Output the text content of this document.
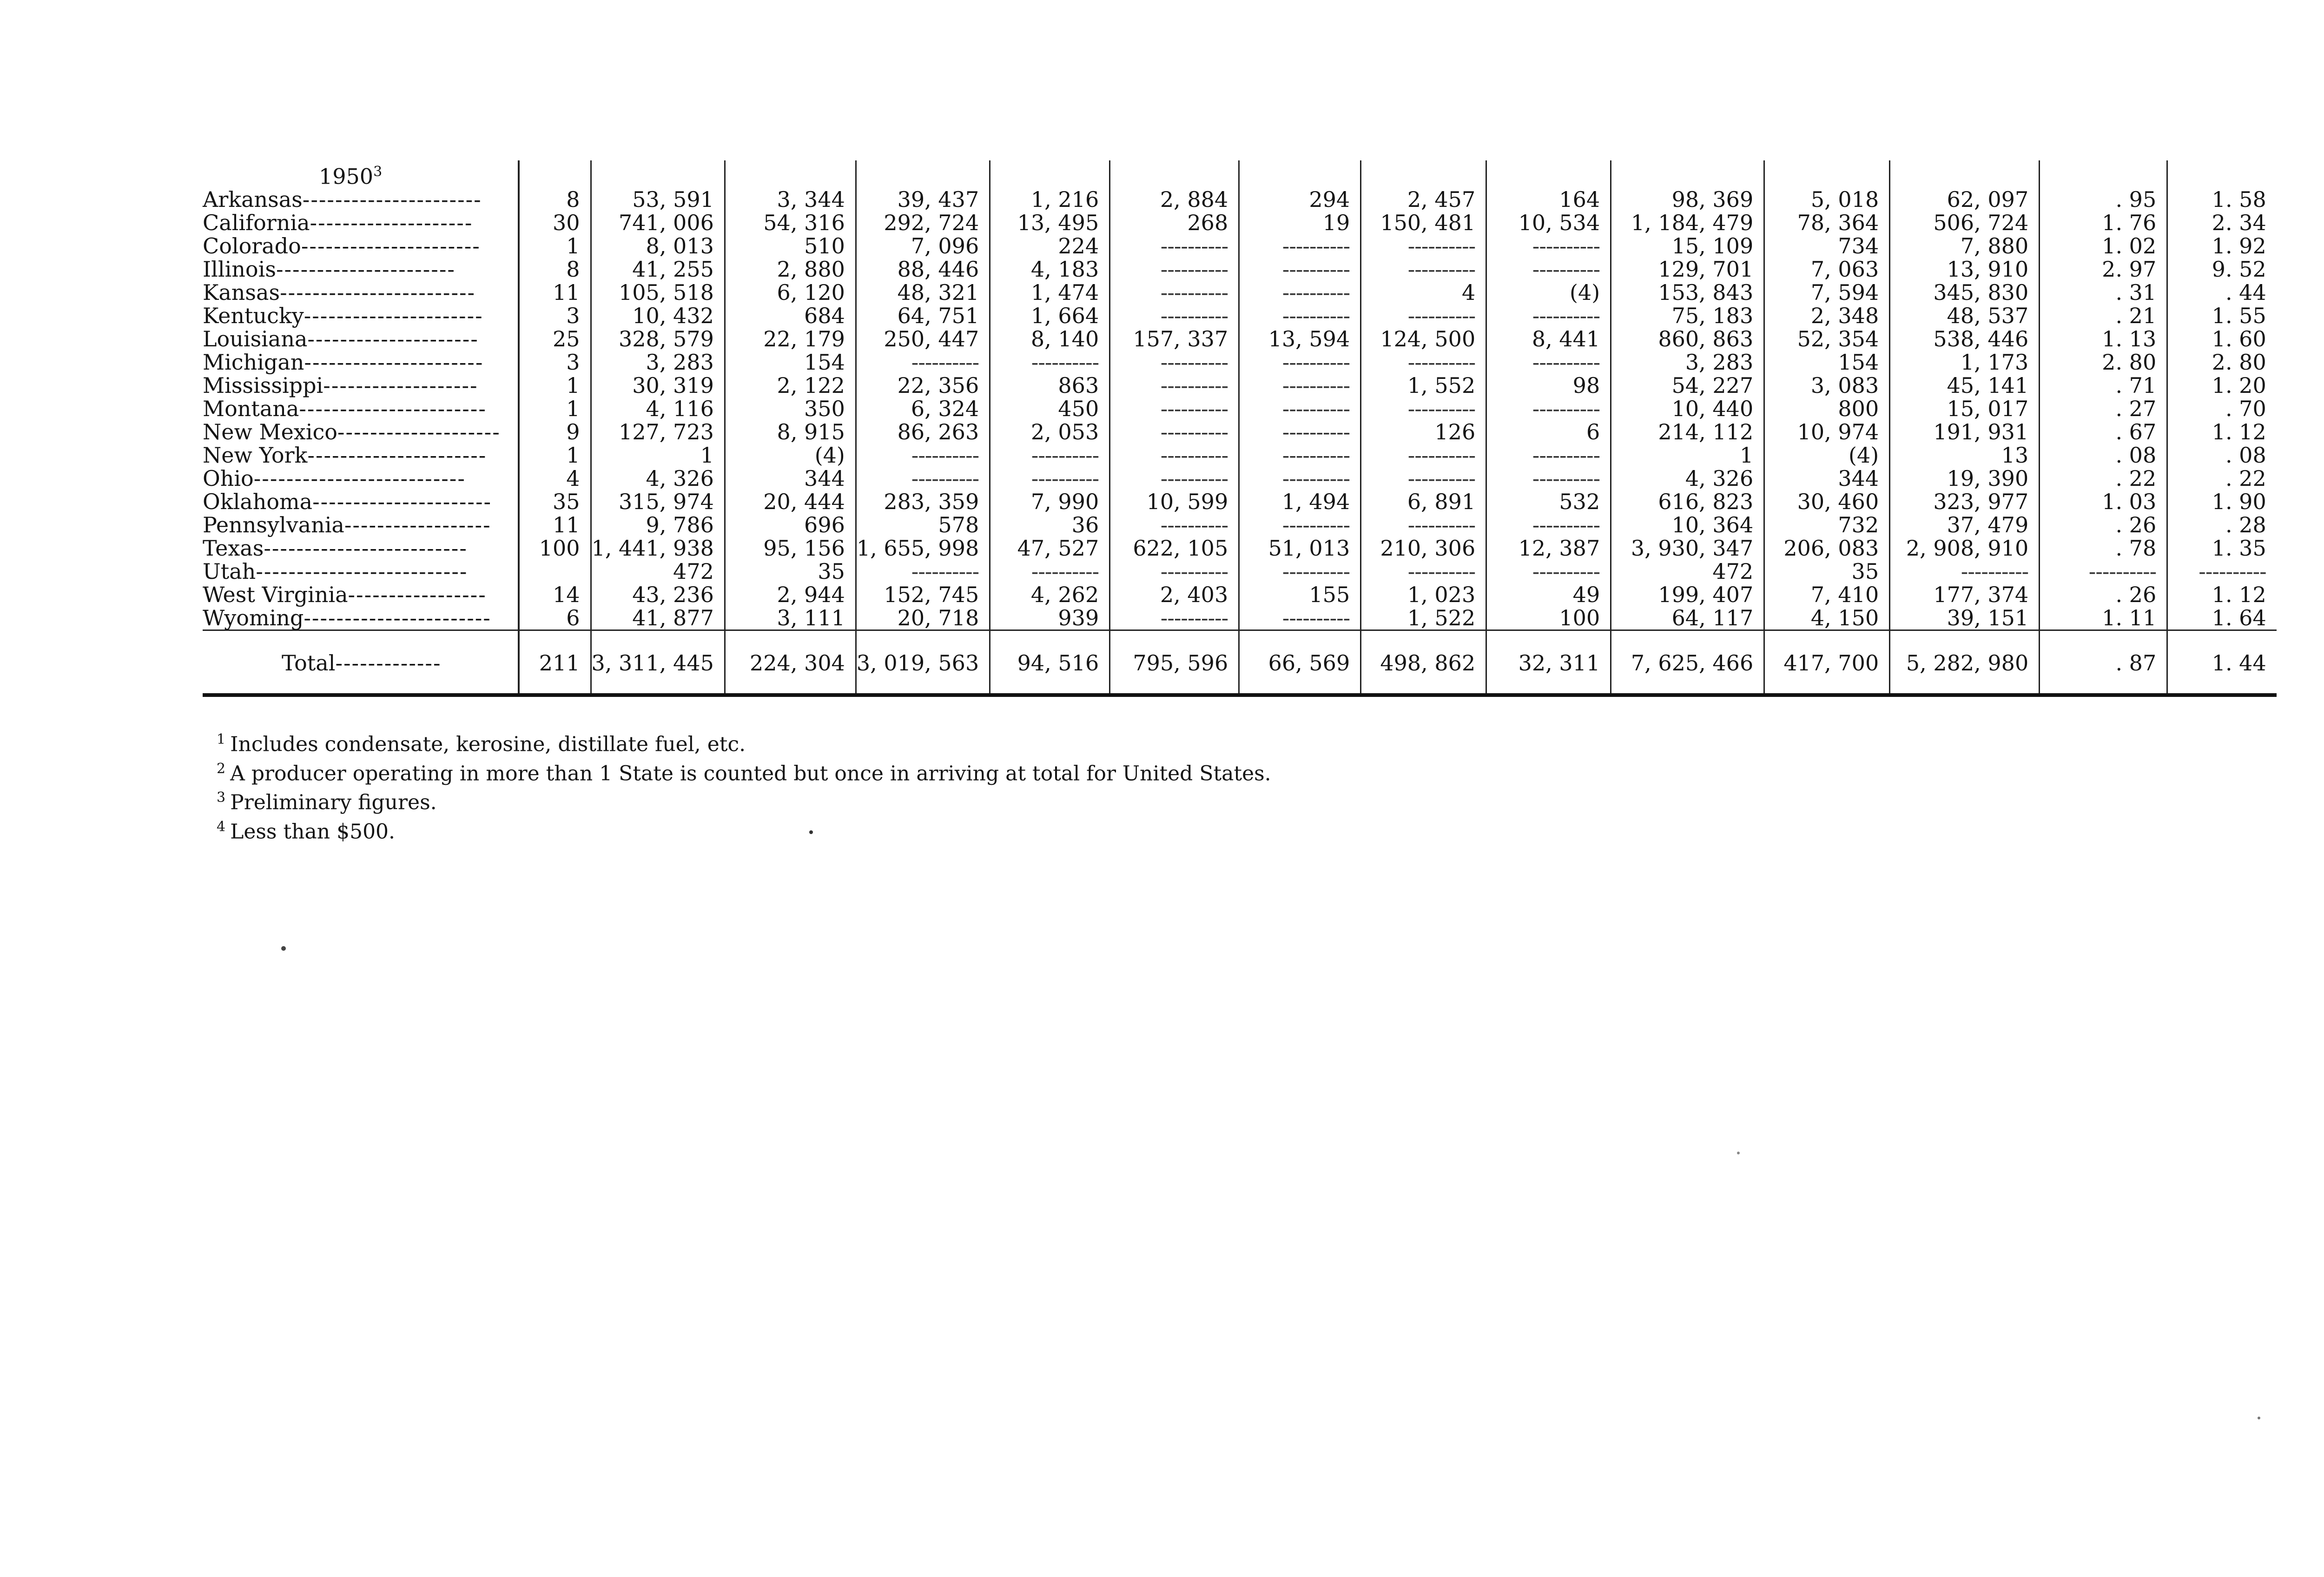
1950$^3$														
Arkansas----------------------	8	53, 591	3, 344	39, 437	1, 216	2, 884	294	2, 457	164	98, 369	5, 018	62, 097	. 95	1. 58
California--------------------	30	741, 006	54, 316	292, 724	13, 495	268	19	150, 481	10, 534	1, 184, 479	78, 364	506, 724	1. 76	2. 34
Colorado----------------------	1	8, 013	510	7, 096	224	----------	----------	----------	----------	15, 109	734	7, 880	1. 02	1. 92
Illinois----------------------	8	41, 255	2, 880	88, 446	4, 183	----------	----------	----------	----------	129, 701	7, 063	13, 910	2. 97	9. 52
Kansas------------------------	11	105, 518	6, 120	48, 321	1, 474	----------	----------	4	(4)	153, 843	7, 594	345, 830	. 31	. 44
Kentucky----------------------	3	10, 432	684	64, 751	1, 664	----------	----------	----------	----------	75, 183	2, 348	48, 537	. 21	1. 55
Louisiana---------------------	25	328, 579	22, 179	250, 447	8, 140	157, 337	13, 594	124, 500	8, 441	860, 863	52, 354	538, 446	1. 13	1. 60
Michigan----------------------	3	3, 283	154	----------	----------	----------	----------	----------	----------	3, 283	154	1, 173	2. 80	2. 80
Mississippi-------------------	1	30, 319	2, 122	22, 356	863	----------	----------	1, 552	98	54, 227	3, 083	45, 141	. 71	1. 20
Montana-----------------------	1	4, 116	350	6, 324	450	----------	----------	----------	----------	10, 440	800	15, 017	. 27	. 70
New Mexico--------------------	9	127, 723	8, 915	86, 263	2, 053	----------	----------	126	6	214, 112	10, 974	191, 931	. 67	1. 12
New York----------------------	1	1	(4)	----------	----------	----------	----------	----------	----------	1	(4)	13	. 08	. 08
Ohio--------------------------	4	4, 326	344	----------	----------	----------	----------	----------	----------	4, 326	344	19, 390	. 22	. 22
Oklahoma----------------------	35	315, 974	20, 444	283, 359	7, 990	10, 599	1, 494	6, 891	532	616, 823	30, 460	323, 977	1. 03	1. 90
Pennsylvania------------------	11	9, 786	696	578	36	----------	----------	----------	----------	10, 364	732	37, 479	. 26	. 28
Texas-------------------------	100	1, 441, 938	95, 156	1, 655, 998	47, 527	622, 105	51, 013	210, 306	12, 387	3, 930, 347	206, 083	2, 908, 910	. 78	1. 35
Utah--------------------------		472	35	----------	----------	----------	----------	----------	----------	472	35	----------	----------	----------
West Virginia-----------------	14	43, 236	2, 944	152, 745	4, 262	2, 403	155	1, 023	49	199, 407	7, 410	177, 374	. 26	1. 12
Wyoming-----------------------	6	41, 877	3, 111	20, 718	939	----------	----------	1, 522	100	64, 117	4, 150	39, 151	1. 11	1. 64
Total-------------	211	3, 311, 445	224, 304	3, 019, 563	94, 516	795, 596	66, 569	498, 862	32, 311	7, 625, 466	417, 700	5, 282, 980	. 87	1. 44
$^1$ Includes condensate, kerosine, distillate fuel, etc.
$^2$ A producer operating in more than 1 State is counted but once in arriving at total for United States.
$^3$ Preliminary figures.
$^4$ Less than $500.
